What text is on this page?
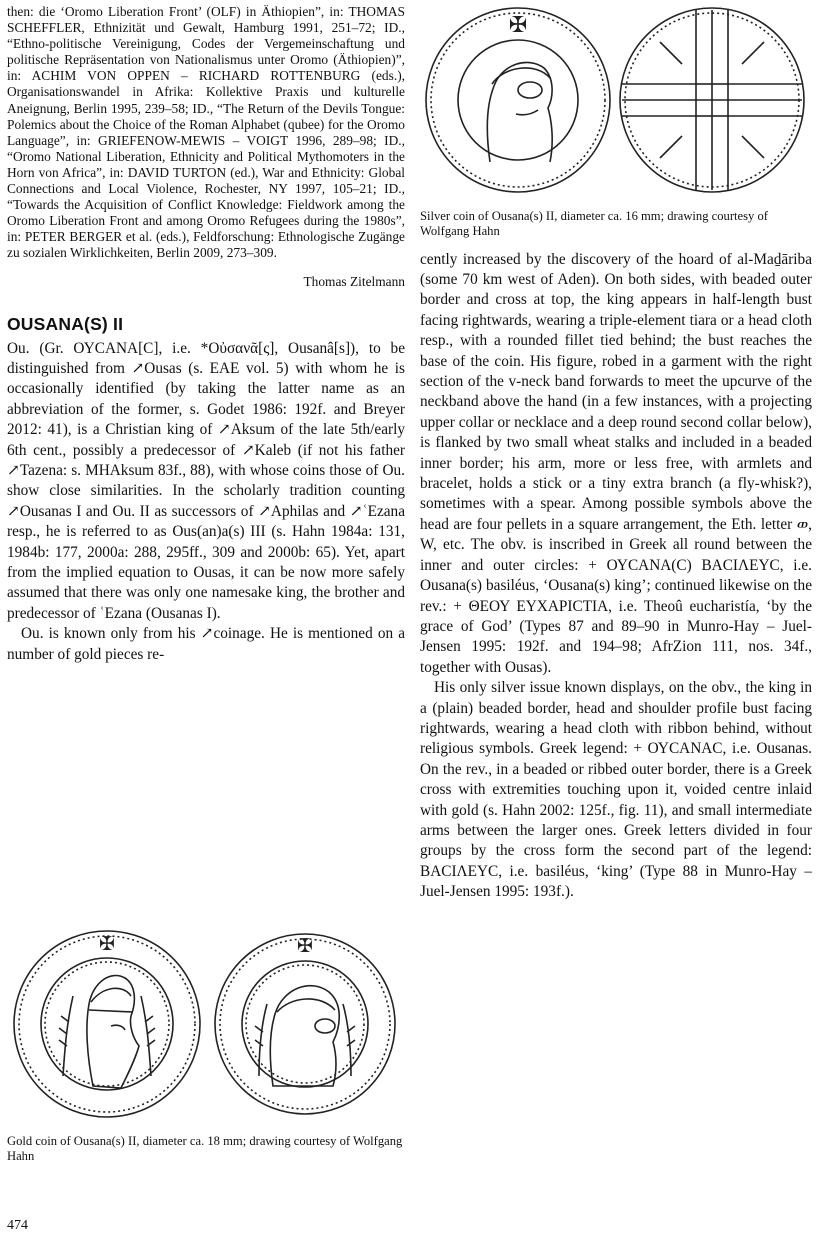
then: die ‘Oromo Liberation Front’ (OLF) in Äthiopien”, in: THOMAS SCHEFFLER, Ethnizität und Gewalt, Hamburg 1991, 251–72; ID., “Ethno-politische Vereinigung, Codes der Vergemeinschaftung und politische Repräsentation von Nationalismus unter Oromo (Äthiopien)”, in: ACHIM VON OPPEN – RICHARD ROTTENBURG (eds.), Organisationswandel in Afrika: Kollektive Praxis und kulturelle Aneignung, Berlin 1995, 239–58; ID., “The Return of the Devils Tongue: Polemics about the Choice of the Roman Alphabet (qubee) for the Oromo Language”, in: GRIEFENOW-MEWIS – VOIGT 1996, 289–98; ID., “Oromo National Liberation, Ethnicity and Political Mythomoters in the Horn von Africa”, in: DAVID TURTON (ed.), War and Ethnicity: Global Connections and Local Violence, Rochester, NY 1997, 105–21; ID., “Towards the Acquisition of Conflict Knowledge: Fieldwork among the Oromo Liberation Front and among Oromo Refugees during the 1980s”, in: PETER BERGER et al. (eds.), Feldforschung: Ethnologische Zugänge zu sozialen Wirklichkeiten, Berlin 2009, 273–309.

Thomas Zitelmann

OUSANA(S) II

Ou. (Gr. ΟΥCΑΝΑ[C], i.e. *Οὐσανᾶ[ς], Ousanâ[s]), to be distinguished from ↗Ousas (s. EAE vol. 5) with whom he is occasionally identified (by taking the latter name as an abbreviation of the former, s. Godet 1986: 192f. and Breyer 2012: 41), is a Christian king of ↗Aksum of the late 5th/early 6th cent., possibly a predecessor of ↗Kaleb (if not his father ↗Tazena: s. MHAksum 83f., 88), with whose coins those of Ou. show close similarities. In the scholarly tradition counting ↗Ousanas I and Ou. II as successors of ↗Aphilas and ↗ʿEzana resp., he is referred to as Ous(an)a(s) III (s. Hahn 1984a: 131, 1984b: 177, 2000a: 288, 295ff., 309 and 2000b: 65). Yet, apart from the implied equation to Ousas, it can be now more safely assumed that there was only one namesake king, the brother and predecessor of ʿEzana (Ousanas I).

Ou. is known only from his ↗coinage. He is mentioned on a number of gold pieces re-

✠	✠

Gold coin of Ousana(s) II, diameter ca. 18 mm; drawing courtesy of Wolfgang Hahn

474
✠

Silver coin of Ousana(s) II, diameter ca. 16 mm; drawing courtesy of Wolfgang Hahn

cently increased by the discovery of the hoard of al-Maḏāriba (some 70 km west of Aden). On both sides, with beaded outer border and cross at top, the king appears in half-length bust facing rightwards, wearing a triple-element tiara or a head cloth resp., with a rounded fillet tied behind; the bust reaches the base of the coin. His figure, robed in a garment with the right section of the v-neck band forwards to meet the upcurve of the neckband above the hand (in a few instances, with a projecting upper collar or necklace and a deep round second collar below), is flanked by two small wheat stalks and included in a beaded inner border; his arm, more or less free, with armlets and bracelet, holds a stick or a tiny extra branch (a fly-whisk?), sometimes with a spear. Among possible symbols above the head are four pellets in a square arrangement, the Eth. letter ወ, W, etc. The obv. is inscribed in Greek all round between the inner and outer circles: + ΟΥCΑΝΑ(C) ΒΑCΙΛΕΥC, i.e. Ousana(s) basiléus, ‘Ousana(s) king’; continued likewise on the rev.: + ΘΕΟΥ ΕΥΧΑΡΙCΤΙΑ, i.e. Theoû eucharistía, ‘by the grace of God’ (Types 87 and 89–90 in Munro-Hay – Juel-Jensen 1995: 192f. and 194–98; AfrZion 111, nos. 34f., together with Ousas).

His only silver issue known displays, on the obv., the king in a (plain) beaded border, head and shoulder profile bust facing rightwards, wearing a head cloth with ribbon behind, without religious symbols. Greek legend: + ΟΥCΑΝΑC, i.e. Ousanas. On the rev., in a beaded or ribbed outer border, there is a Greek cross with extremities touching upon it, voided centre inlaid with gold (s. Hahn 2002: 125f., fig. 11), and small intermediate arms between the larger ones. Greek letters divided in four groups by the cross form the second part of the legend: ΒΑCΙΛΕΥC, i.e. basiléus, ‘king’ (Type 88 in Munro-Hay – Juel-Jensen 1995: 193f.).
